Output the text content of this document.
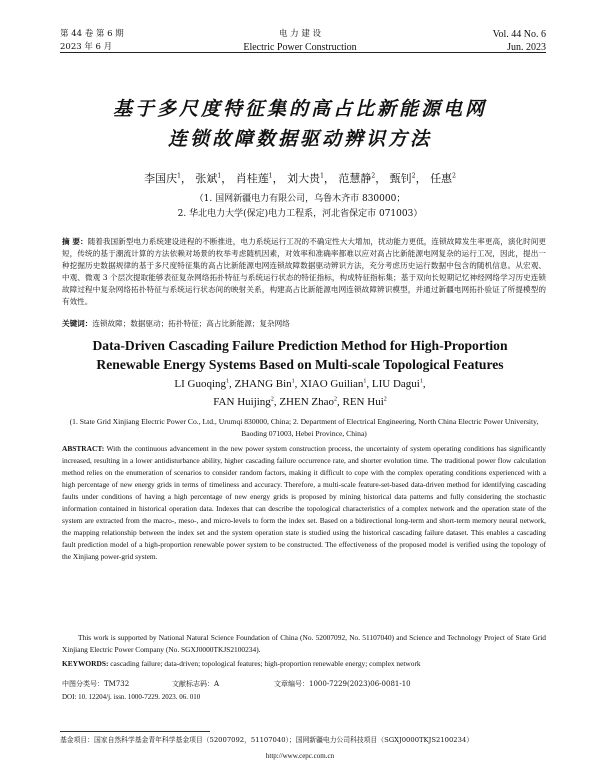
第 44 卷 第 6 期	电 力 建 设	Vol. 44 No. 6
2023 年 6 月	Electric Power Construction	Jun. 2023
基于多尺度特征集的高占比新能源电网
连锁故障数据驱动辨识方法
李国庆$^1$， 张斌$^1$， 肖桂莲$^1$， 刘大贵$^1$， 范慧静$^2$， 甄钊$^2$， 任惠$^2$
（1. 国网新疆电力有限公司，乌鲁木齐市 830000；
2. 华北电力大学(保定)电力工程系，河北省保定市 071003）
摘 要：随着我国新型电力系统建设进程的不断推进，电力系统运行工况的不确定性大大增加，扰动能力更低，连锁故障发生率更高，演化时间更短，传统的基于潮流计算的方法依赖对场景的枚举考虑随机因素，对效率和准确率都难以应对高占比新能源电网复杂的运行工况，因此，提出一种挖掘历史数据规律的基于多尺度特征集的高占比新能源电网连锁故障数据驱动辨识方法，充分考虑历史运行数据中包含的随机信息。从宏观、中观、微观 3 个层次提取能够表征复杂网络拓扑特征与系统运行状态的特征指标，构成特征指标集；基于双向长短期记忆神经网络学习历史连锁故障过程中复杂网络拓扑特征与系统运行状态间的映射关系，构建高占比新能源电网连锁故障辨识模型，并通过新疆电网拓扑验证了所提模型的有效性。
关键词：连锁故障；数据驱动；拓扑特征；高占比新能源；复杂网络
Data-Driven Cascading Failure Prediction Method for High-Proportion
Renewable Energy Systems Based on Multi-scale Topological Features
LI Guoqing$^1$, ZHANG Bin$^1$, XIAO Guilian$^1$, LIU Dagui$^1$,
FAN Huijing$^2$, ZHEN Zhao$^2$, REN Hui$^2$
(1. State Grid Xinjiang Electric Power Co., Ltd., Urumqi 830000, China; 2. Department of Electrical Engineering, North China Electric Power University, Baoding 071003, Hebei Province, China)
ABSTRACT: With the continuous advancement in the new power system construction process, the uncertainty of system operating conditions has significantly increased, resulting in a lower antidisturbance ability, higher cascading failure occurrence rate, and shorter evolution time. The traditional power flow calculation method relies on the enumeration of scenarios to consider random factors, making it difficult to cope with the complex operating conditions experienced with a high percentage of new energy grids in terms of timeliness and accuracy. Therefore, a multi-scale feature-set-based data-driven method for identifying cascading faults under conditions of having a high percentage of new energy grids is proposed by mining historical data patterns and fully considering the stochastic information contained in historical operation data. Indexes that can describe the topological characteristics of a complex network and the operation state of the system are extracted from the macro-, meso-, and micro-levels to form the index set. Based on a bidirectional long-term and short-term memory neural network, the mapping relationship between the index set and the system operation state is studied using the historical cascading failure dataset. This enables a cascading fault prediction model of a high-proportion renewable power system to be constructed. The effectiveness of the proposed model is verified using the topology of the Xinjiang power-grid system.
This work is supported by National Natural Science Foundation of China (No. 52007092, No. 51107040) and Science and Technology Project of State Grid Xinjiang Electric Power Company (No. SGXJ0000TKJS2100234).
KEYWORDS: cascading failure; data-driven; topological features; high-proportion renewable energy; complex network
中图分类号：TM732	文献标志码：A	文章编号：1000-7229(2023)06-0081-10
DOI: 10. 12204/j. issn. 1000-7229. 2023. 06. 010
基金项目：国家自然科学基金青年科学基金项目（52007092，51107040）；国网新疆电力公司科技项目（SGXJ0000TKJS2100234）
http://www.cepc.com.cn
